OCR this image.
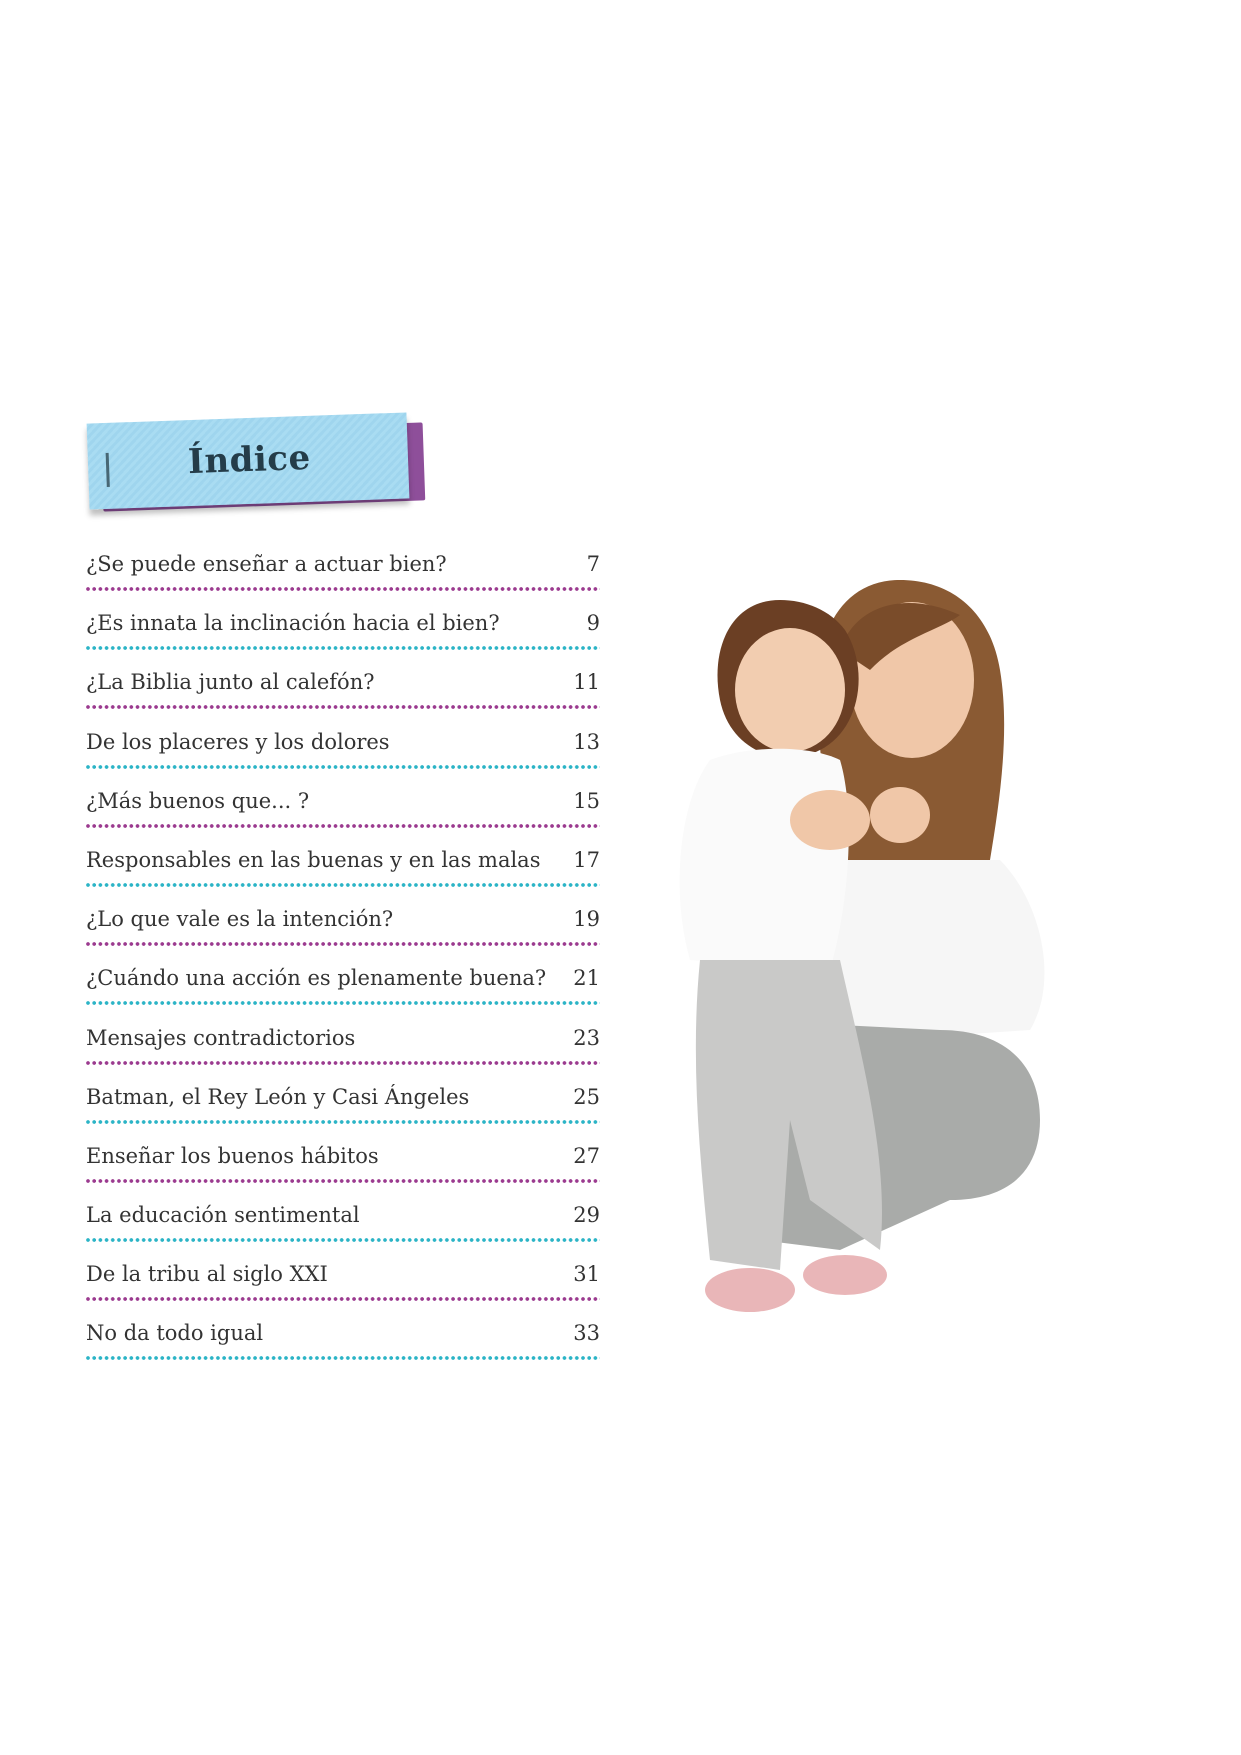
Índice
¿Se puede enseñar a actuar bien?	7
¿Es innata la inclinación hacia el bien?	9
¿La Biblia junto al calefón?	11
De los placeres y los dolores	13
¿Más buenos que... ?	15
Responsables en las buenas y en las malas 17
¿Lo que vale es la intención?	19
¿Cuándo una acción es plenamente buena? 21
Mensajes contradictorios	23
Batman, el Rey León y Casi Ángeles	25
Enseñar los buenos hábitos	27
La educación sentimental	29
De la tribu al siglo XXI	31
No da todo igual	33
